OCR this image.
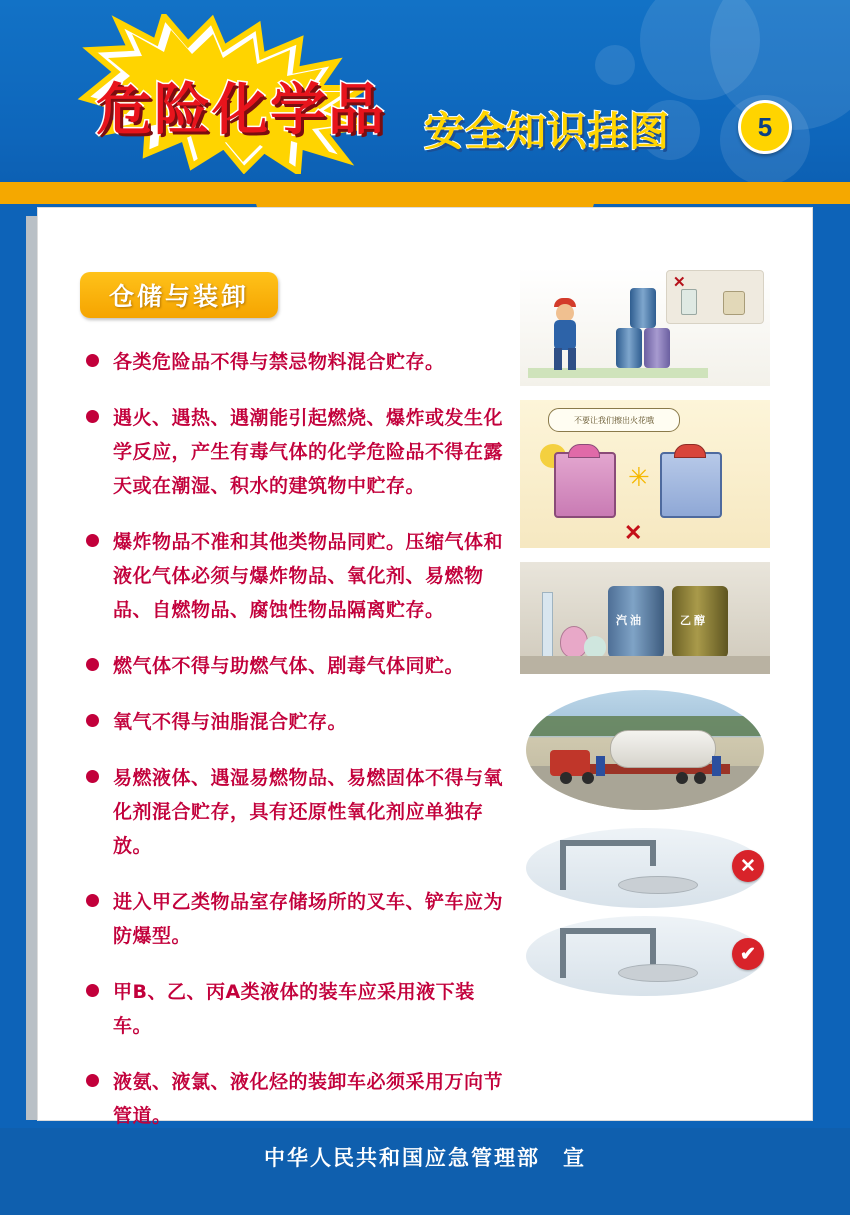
危险化学品 安全知识挂图	5
仓储与装卸
各类危险品不得与禁忌物料混合贮存。
遇火、遇热、遇潮能引起燃烧、爆炸或发生化学反应，产生有毒气体的化学危险品不得在露天或在潮湿、积水的建筑物中贮存。
爆炸物品不准和其他类物品同贮。压缩气体和液化气体必须与爆炸物品、氧化剂、易燃物品、自燃物品、腐蚀性物品隔离贮存。
燃气体不得与助燃气体、剧毒气体同贮。
氧气不得与油脂混合贮存。
易燃液体、遇湿易燃物品、易燃固体不得与氧化剂混合贮存，具有还原性氧化剂应单独存放。
进入甲乙类物品室存储场所的叉车、铲车应为防爆型。
甲B、乙、丙A类液体的装车应采用液下装车。
液氨、液氯、液化烃的装卸车必须采用万向节管道。
✕
不要让我们擦出火花哦
✳
✕
汽 油	乙 醇
✕
✔
中华人民共和国应急管理部　宣
